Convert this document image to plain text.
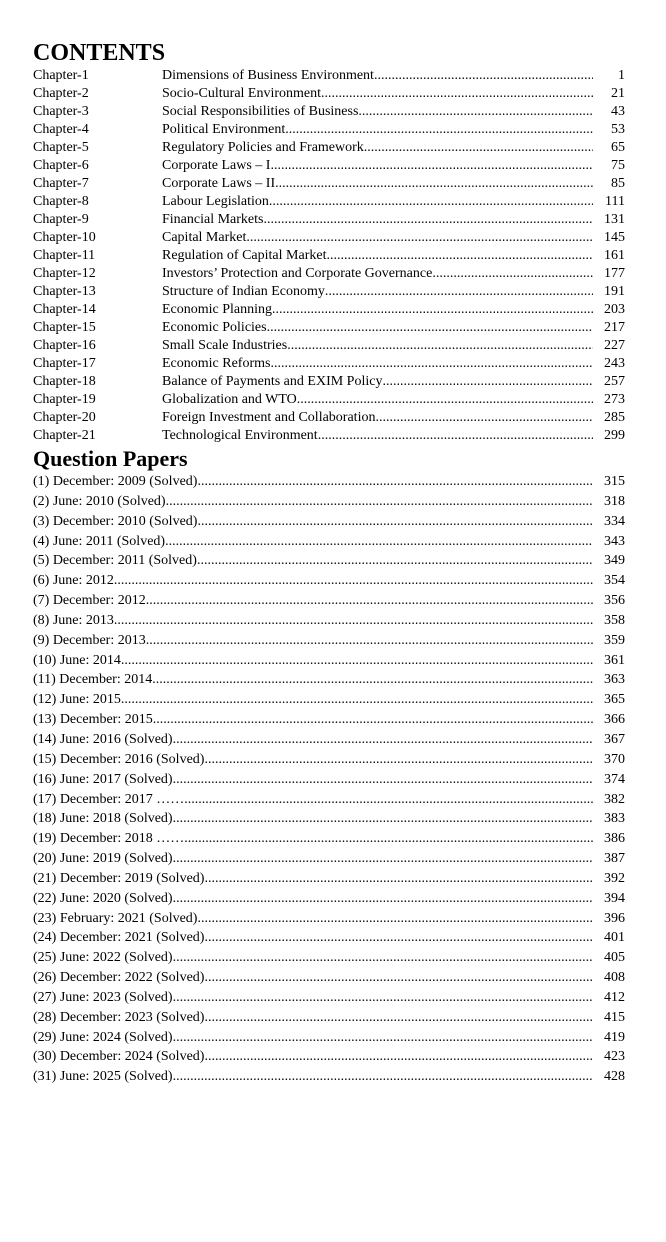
CONTENTS
Chapter-1	Dimensions of Business Environment .....	1
Chapter-2	Socio-Cultural Environment .....	21
Chapter-3	Social Responsibilities of Business .....	43
Chapter-4	Political Environment .....	53
Chapter-5	Regulatory Policies and Framework .....	65
Chapter-6	Corporate Laws – I .....	75
Chapter-7	Corporate Laws – II .....	85
Chapter-8	Labour Legislation .....	111
Chapter-9	Financial Markets .....	131
Chapter-10	Capital Market .....	145
Chapter-11	Regulation of Capital Market .....	161
Chapter-12	Investors’ Protection and Corporate Governance .....	177
Chapter-13	Structure of Indian Economy .....	191
Chapter-14	Economic Planning .....	203
Chapter-15	Economic Policies .....	217
Chapter-16	Small Scale Industries .....	227
Chapter-17	Economic Reforms .....	243
Chapter-18	Balance of Payments and EXIM Policy .....	257
Chapter-19	Globalization and WTO .....	273
Chapter-20	Foreign Investment and Collaboration .....	285
Chapter-21	Technological Environment .....	299
Question Papers
(1) December: 2009 (Solved) .....	315
(2) June: 2010 (Solved) .....	318
(3) December: 2010 (Solved) .....	334
(4) June: 2011 (Solved) .....	343
(5) December: 2011 (Solved) .....	349
(6) June: 2012 .....	354
(7) December: 2012 .....	356
(8) June: 2013 .....	358
(9) December: 2013 .....	359
(10) June: 2014 .....	361
(11) December: 2014 .....	363
(12) June: 2015 .....	365
(13) December: 2015 .....	366
(14) June: 2016 (Solved) .....	367
(15) December: 2016 (Solved) .....	370
(16) June: 2017 (Solved) .....	374
(17) December: 2017 …….. .....	382
(18) June: 2018 (Solved) .....	383
(19) December: 2018 …….. .....	386
(20) June: 2019 (Solved) .....	387
(21) December: 2019 (Solved) .....	392
(22) June: 2020 (Solved) .....	394
(23) February: 2021 (Solved) .....	396
(24) December: 2021 (Solved) .....	401
(25) June: 2022 (Solved) .....	405
(26) December: 2022 (Solved) .....	408
(27) June: 2023 (Solved) .....	412
(28) December: 2023 (Solved) .....	415
(29) June: 2024 (Solved) .....	419
(30) December: 2024 (Solved) .....	423
(31) June: 2025 (Solved) .....	428
